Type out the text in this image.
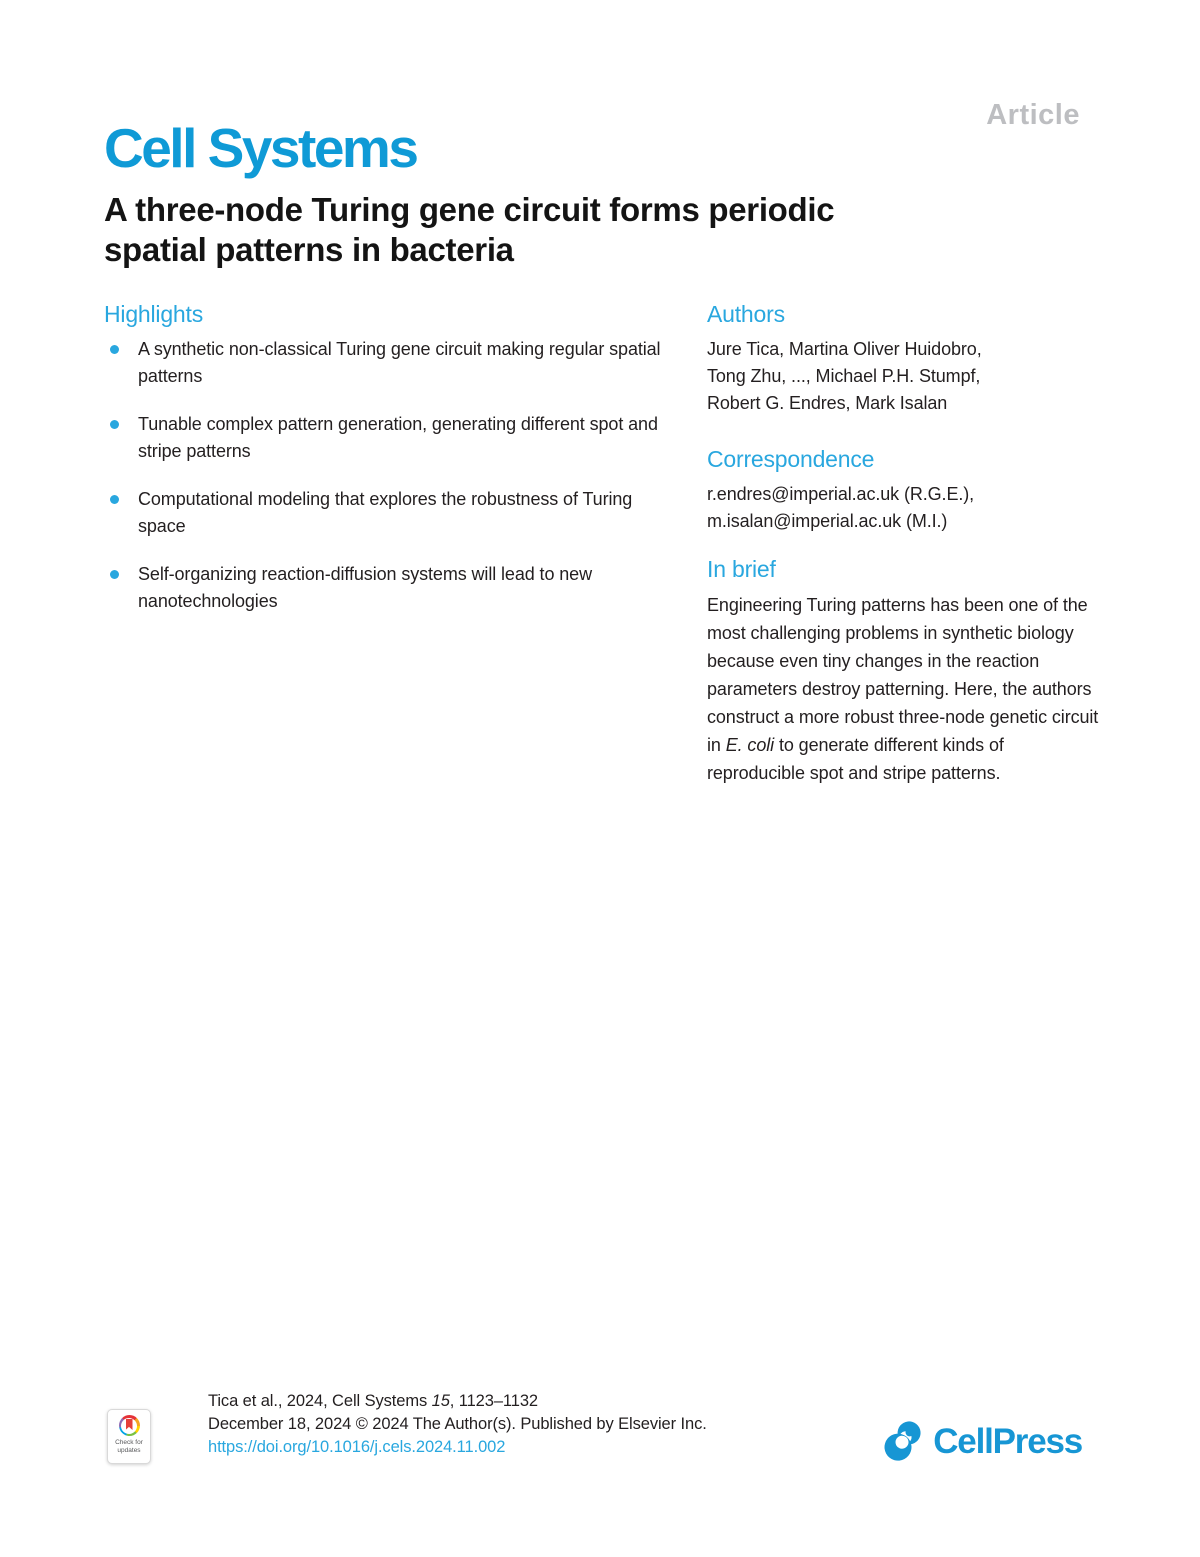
Article
Cell Systems
A three-node Turing gene circuit forms periodic
spatial patterns in bacteria
Highlights
A synthetic non-classical Turing gene circuit making regular spatial patterns
Tunable complex pattern generation, generating different spot and stripe patterns
Computational modeling that explores the robustness of Turing space
Self-organizing reaction-diffusion systems will lead to new nanotechnologies
Authors
Jure Tica, Martina Oliver Huidobro,
Tong Zhu, ..., Michael P.H. Stumpf,
Robert G. Endres, Mark Isalan
Correspondence
r.endres@imperial.ac.uk (R.G.E.),
m.isalan@imperial.ac.uk (M.I.)
In brief

Engineering Turing patterns has been one of the most challenging problems in synthetic biology because even tiny changes in the reaction parameters destroy patterning. Here, the authors construct a more robust three-node genetic circuit in E. coli to generate different kinds of reproducible spot and stripe patterns.

Check for
updates
Tica et al., 2024, Cell Systems 15, 1123–1132
December 18, 2024 © 2024 The Author(s). Published by Elsevier Inc.
https://doi.org/10.1016/j.cels.2024.11.002	CellPress
